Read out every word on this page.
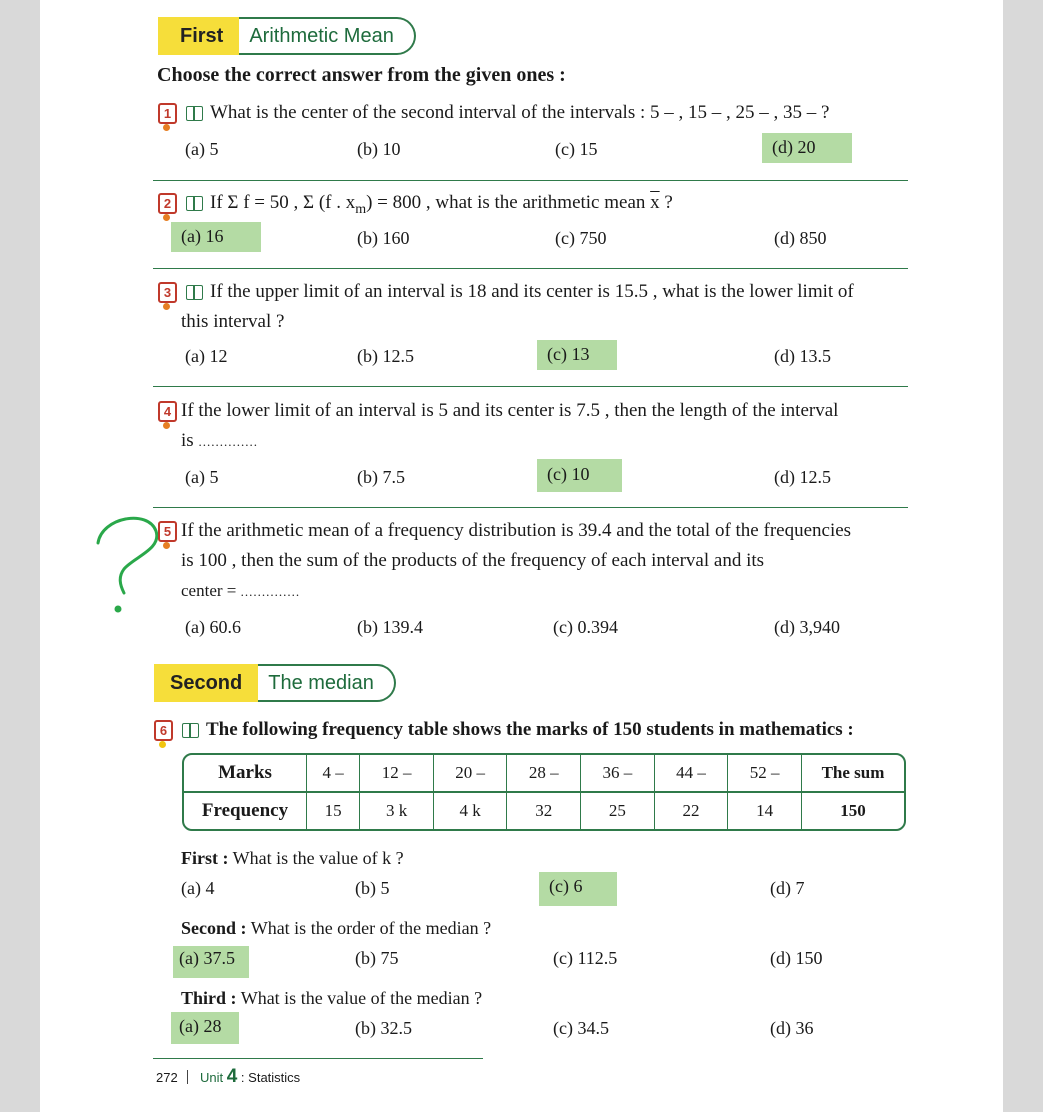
First	Arithmetic Mean
Choose the correct answer from the given ones :
1	What is the center of the second interval of the intervals : 5 – , 15 – , 25 – , 35 – ?
(a) 5	(b) 10	(c) 15	(d) 20
2	If Σ f = 50 , Σ (f . $x_m) = 800$ , what is the arithmetic mean $\overline{x}$ ?
(a) 16	(b) 160	(c) 750	(d) 850
3	If the upper limit of an interval is 18 and its center is 15.5 , what is the lower limit of
this interval ?
(a) 12	(b) 12.5	(c) 13	(d) 13.5
4 If the lower limit of an interval is 5 and its center is 7.5 , then the length of the interval
is ..............
(a) 5	(b) 7.5	(c) 10	(d) 12.5
5 If the arithmetic mean of a frequency distribution is 39.4 and the total of the frequencies
is 100 , then the sum of the products of the frequency of each interval and its
center = ..............
(a) 60.6	(b) 139.4	(c) 0.394	(d) 3,940
Second	The median
6	The following frequency table shows the marks of 150 students in mathematics :
Marks	4 –	12 –	20 –	28 –	36 –	44 –	52 –	The sum
Frequency	15	3 k	4 k	32	25	22	14	150
First : What is the value of k ?
(a) 4	(b) 5	(c) 6	(d) 7
Second : What is the order of the median ?
(a) 37.5	(b) 75	(c) 112.5	(d) 150
Third : What is the value of the median ?
(a) 28	(b) 32.5	(c) 34.5	(d) 36
272 Unit 4 : Statistics
